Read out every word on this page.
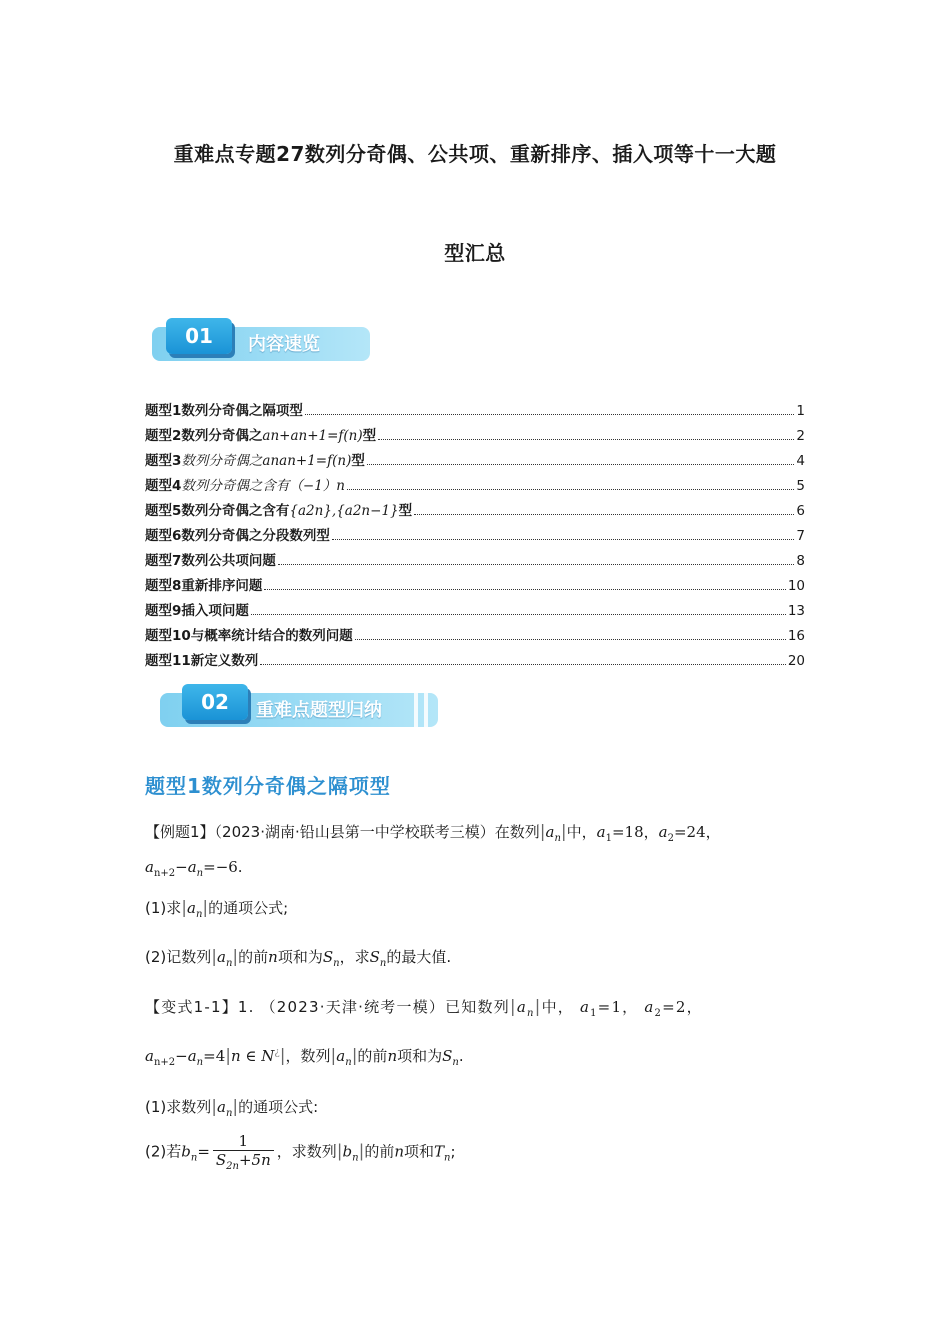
重难点专题27数列分奇偶、公共项、重新排序、插入项等十一大题
型汇总
01	内容速览
题型1数列分奇偶之隔项型	1
题型2数列分奇偶之an+an+1=f(n)型	2
题型3数列分奇偶之anan+1=f(n)型	4
题型4数列分奇偶之含有（−1）n	5
题型5数列分奇偶之含有{a2n},{a2n−1}型	6
题型6数列分奇偶之分段数列型	7
题型7数列公共项问题	8
题型8重新排序问题	10
题型9插入项问题	13
题型10与概率统计结合的数列问题	16
题型11新定义数列	20
02	重难点题型归纳
题型1数列分奇偶之隔项型
【例题1】（2023·湖南·铅山县第一中学校联考三模）在数列$|a_n|$中，$a_1=18$，$a_2=24$，
$a_{n+2}-a_n=-6$.
(1)求$|a_n|$的通项公式;
(2)记数列$|a_n|$的前n项和为$S_n$，求$S_n$的最大值.
【变式1-1】1. （2023·天津·统考一模）已知数列$|a_n|$中， $a_1=1$， $a_2=2$，
$a_{n+2}-a_n=4|n$ ∈ N¿|，数列$|a_n|$的前n项和为$S_n$.
(1)求数列$|a_n|$的通项公式:
(2)若$b_n= \frac{1}{S_{2n}+5n}$ ，求数列$|b_n|$的前n项和$T_n$;
